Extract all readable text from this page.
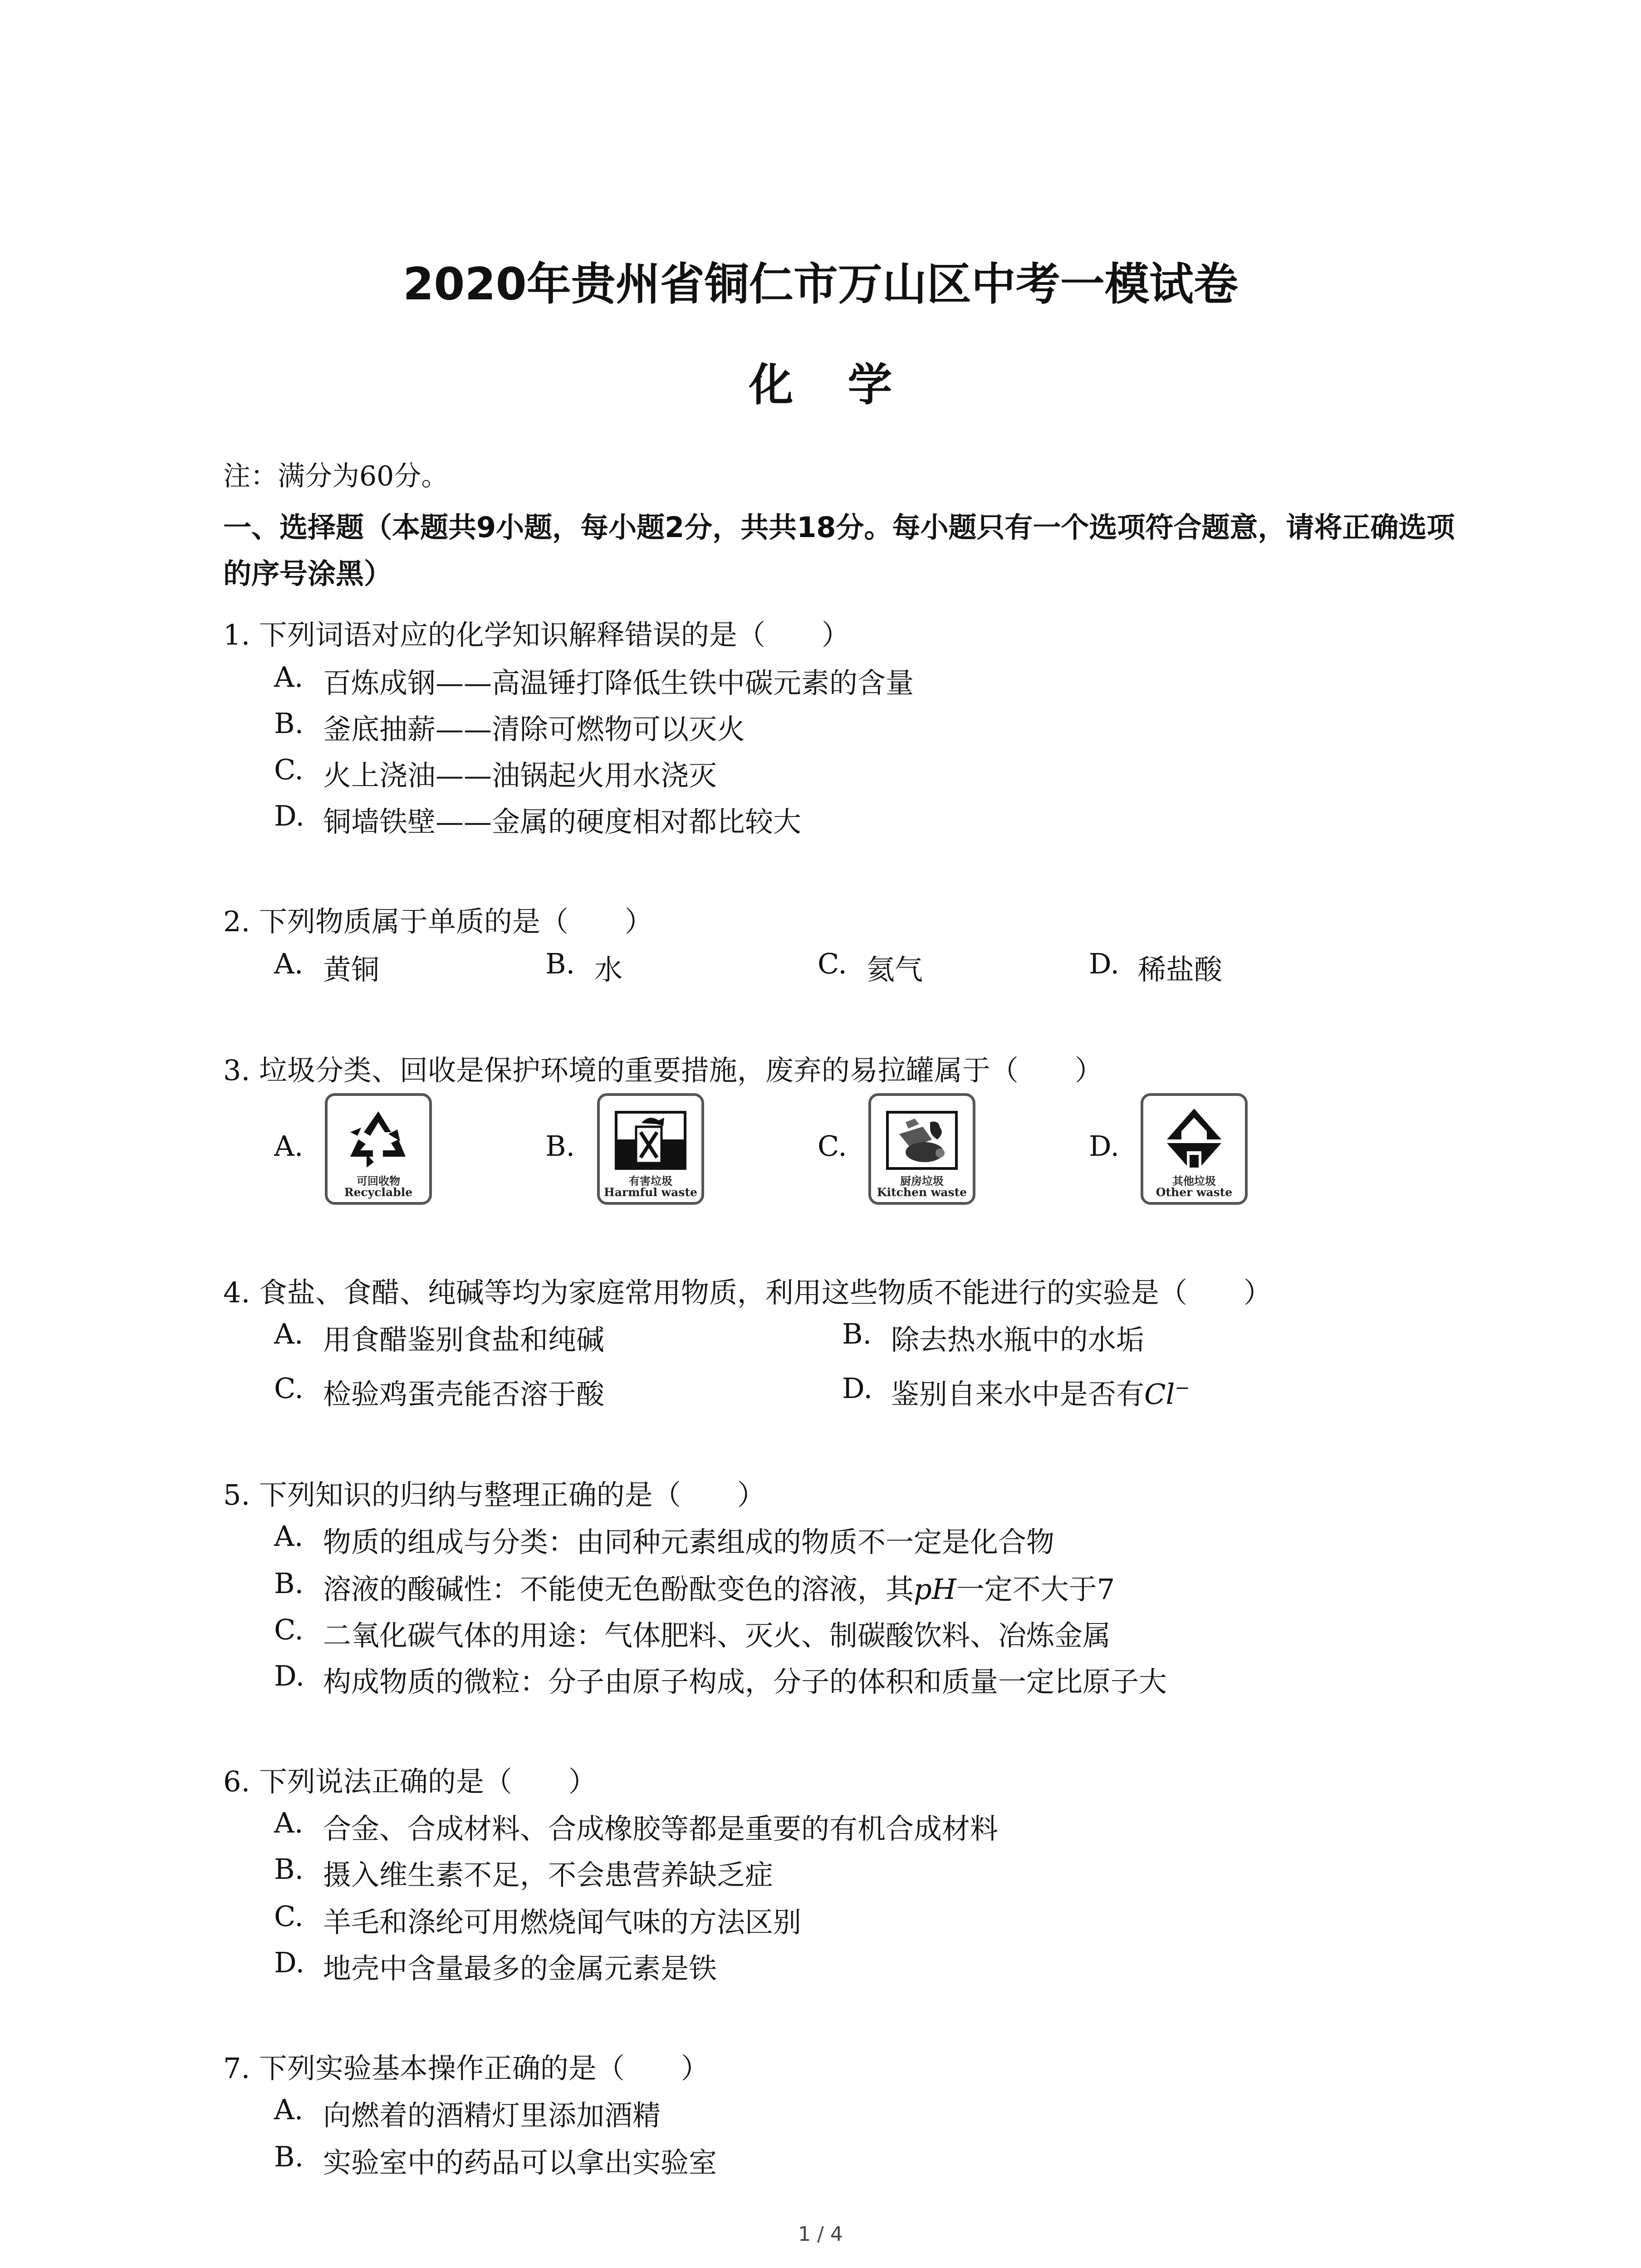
2020年贵州省铜仁市万山区中考一模试卷
化学
注：满分为60分。
一、选择题（本题共9小题，每小题2分，共共18分。每小题只有一个选项符合题意，请将正确选项的序号涂黑）
1. 下列词语对应的化学知识解释错误的是（　　）
A. 百炼成钢——高温锤打降低生铁中碳元素的含量
B. 釜底抽薪——清除可燃物可以灭火
C. 火上浇油——油锅起火用水浇灭
D. 铜墙铁壁——金属的硬度相对都比较大
2. 下列物质属于单质的是（　　）
A. 黄铜	B. 水	C. 氦气	D. 稀盐酸
3. 垃圾分类、回收是保护环境的重要措施，废弃的易拉罐属于（　　）
A.
可回收物
Recyclable
B.
有害垃圾
Harmful waste
C.
厨房垃圾
Kitchen waste
D.
其他垃圾
Other waste
4. 食盐、食醋、纯碱等均为家庭常用物质，利用这些物质不能进行的实验是（　　）
A. 用食醋鉴别食盐和纯碱	B. 除去热水瓶中的水垢
C. 检验鸡蛋壳能否溶于酸	D. 鉴别自来水中是否有Cl−
5. 下列知识的归纳与整理正确的是（　　）
A. 物质的组成与分类：由同种元素组成的物质不一定是化合物
B. 溶液的酸碱性：不能使无色酚酞变色的溶液，其pH一定不大于7
C. 二氧化碳气体的用途：气体肥料、灭火、制碳酸饮料、冶炼金属
D. 构成物质的微粒：分子由原子构成，分子的体积和质量一定比原子大
6. 下列说法正确的是（　　）
A. 合金、合成材料、合成橡胶等都是重要的有机合成材料
B. 摄入维生素不足，不会患营养缺乏症
C. 羊毛和涤纶可用燃烧闻气味的方法区别
D. 地壳中含量最多的金属元素是铁
7. 下列实验基本操作正确的是（　　）
A. 向燃着的酒精灯里添加酒精
B. 实验室中的药品可以拿出实验室
1 / 4
